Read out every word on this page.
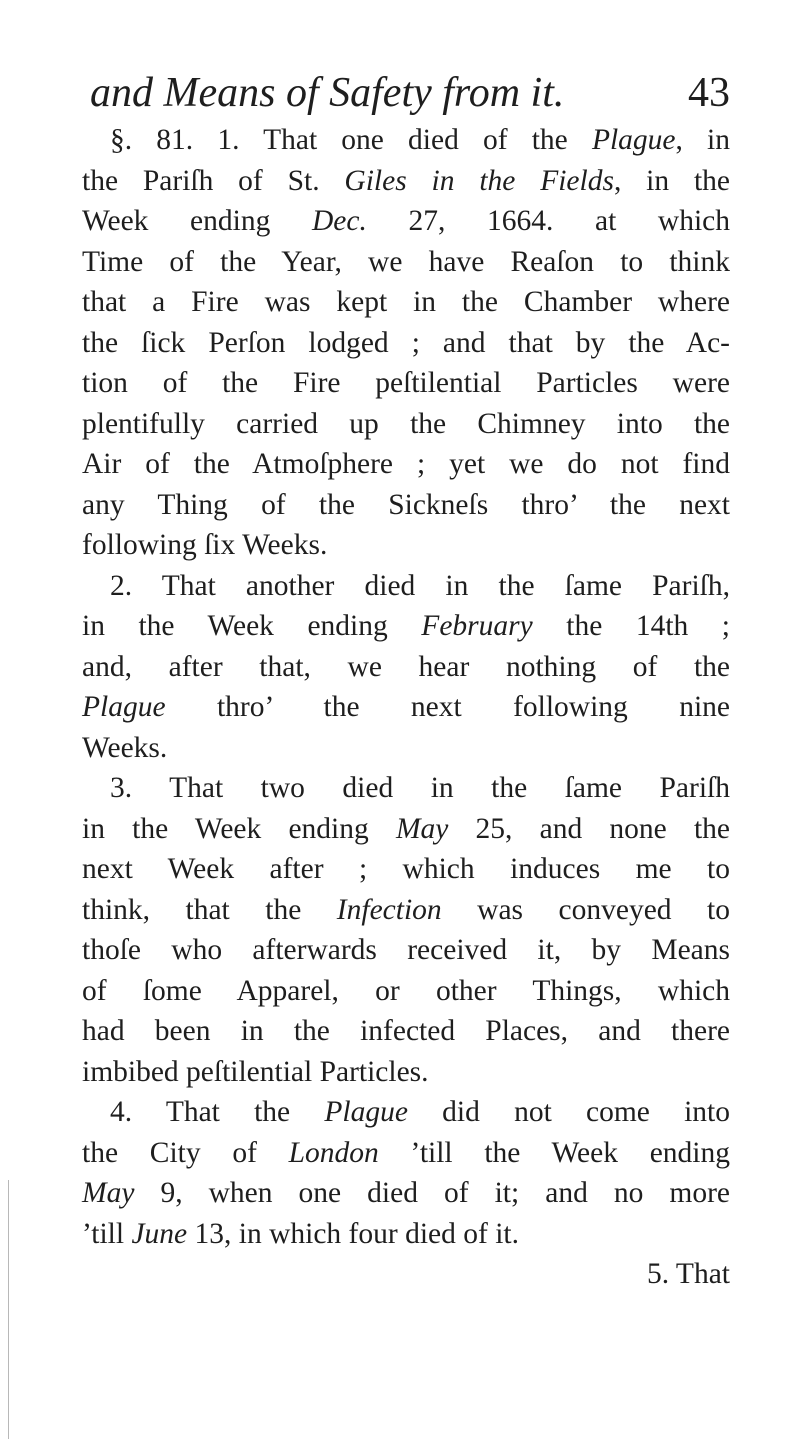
and Means of Safety from it.	43
§. 81. 1. That one died of the Plague, in
the Pariſh of St. Giles in the Fields, in the
Week ending Dec. 27, 1664. at which
Time of the Year, we have Reaſon to think
that a Fire was kept in the Chamber where
the ſick Perſon lodged ; and that by the Ac-
tion of the Fire peſtilential Particles were
plentifully carried up the Chimney into the
Air of the Atmoſphere ; yet we do not find
any Thing of the Sickneſs thro’ the next
following ſix Weeks.
2. That another died in the ſame Pariſh,
in the Week ending February the 14th ;
and, after that, we hear nothing of the
Plague thro’ the next following nine
Weeks.
3. That two died in the ſame Pariſh
in the Week ending May 25, and none the
next Week after ; which induces me to
think, that the Infection was conveyed to
thoſe who afterwards received it, by Means
of ſome Apparel, or other Things, which
had been in the infected Places, and there
imbibed peſtilential Particles.
4. That the Plague did not come into
the City of London ’till the Week ending
May 9, when one died of it; and no more
’till June 13, in which four died of it.
5. That
